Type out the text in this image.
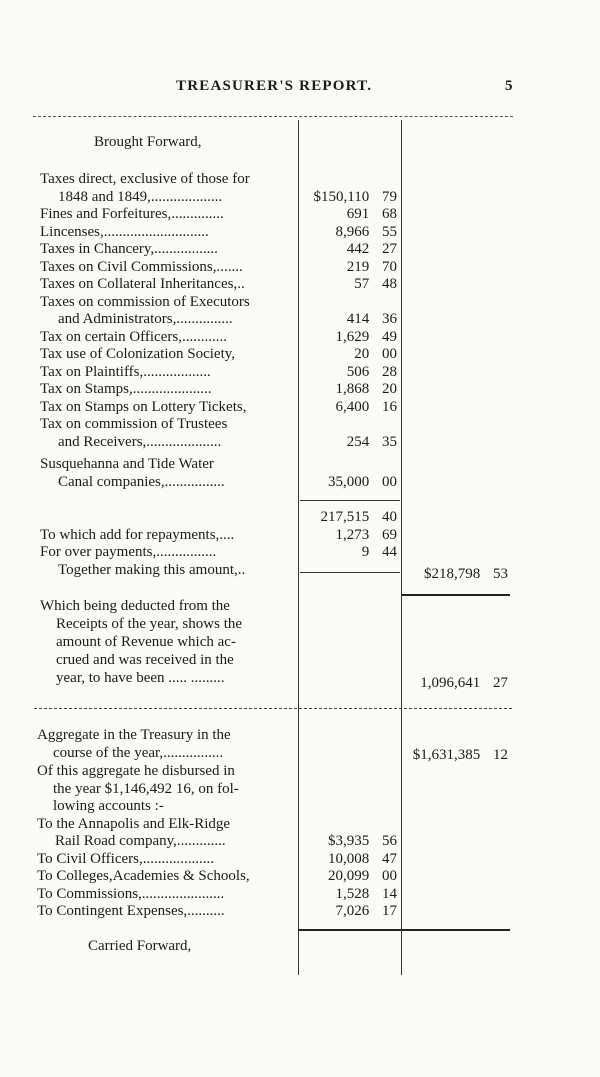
TREASURER'S REPORT.	5
Brought Forward,
Taxes direct, exclusive of those for
1848 and 1849,...................	$150,110 79
Fines and Forfeitures,..............	691 68
Lincenses,............................	8,966 55
Taxes in Chancery,.................	442 27
Taxes on Civil Commissions,.......	219 70
Taxes on Collateral Inheritances,..	57 48
Taxes on commission of Executors
and Administrators,...............	414 36
Tax on certain Officers,............	1,629 49
Tax use of Colonization Society,	20 00
Tax on Plaintiffs,..................	506 28
Tax on Stamps,.....................	1,868 20
Tax on Stamps on Lottery Tickets,	6,400 16
Tax on commission of Trustees
and Receivers,....................	254 35
Susquehanna and Tide Water
Canal companies,................	35,000 00
217,515 40
To which add for repayments,....	1,273 69
For over payments,................	9 44
Together making this amount,..	$218,798 53
Which being deducted from the
Receipts of the year, shows the
amount of Revenue which ac-
crued and was received in the
year, to have been ..... .........	1,096,641 27
Aggregate in the Treasury in the
course of the year,................	$1,631,385 12
Of this aggregate he disbursed in
the year $1,146,492 16, on fol-
lowing accounts :-
To the Annapolis and Elk-Ridge
Rail Road company,.............	$3,935 56
To Civil Officers,...................	10,008 47
To Colleges,Academies & Schools,	20,099 00
To Commissions,......................	1,528 14
To Contingent Expenses,..........	7,026 17
Carried Forward,
